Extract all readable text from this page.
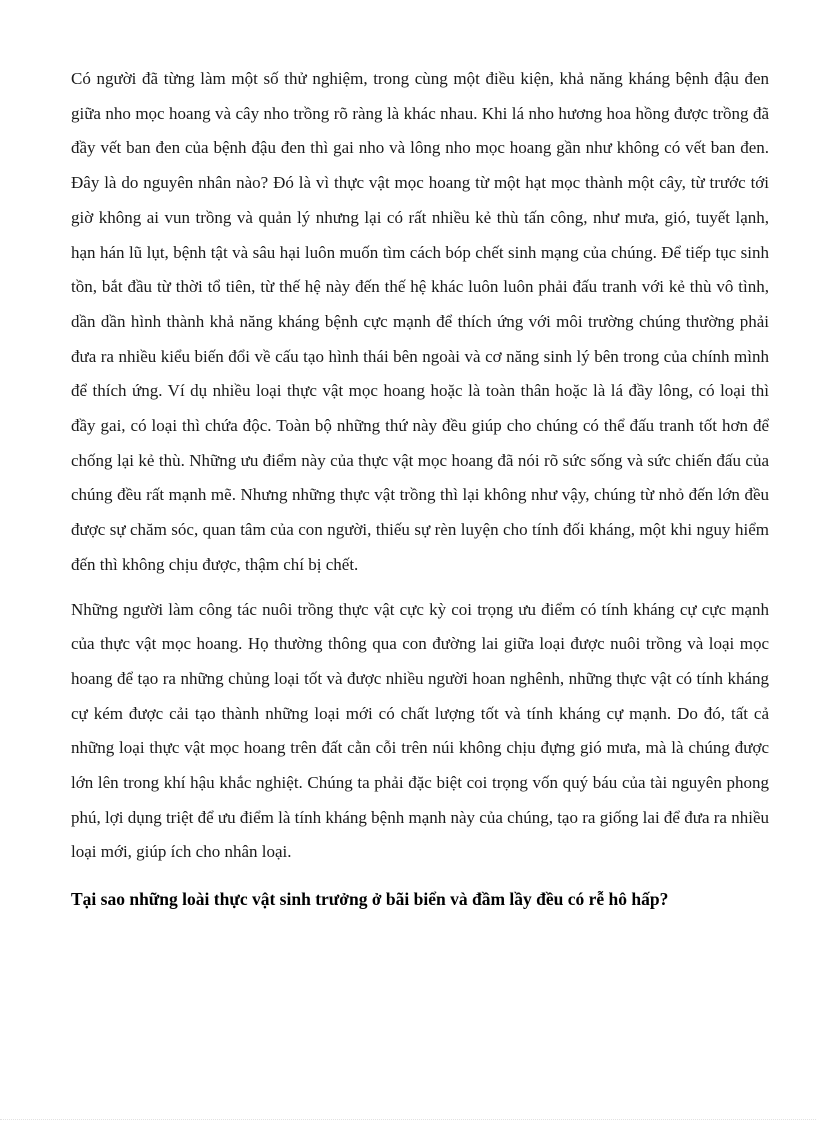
Có người đã từng làm một số thử nghiệm, trong cùng một điều kiện, khả năng kháng bệnh đậu đen giữa nho mọc hoang và cây nho trồng rõ ràng là khác nhau. Khi lá nho hương hoa hồng được trồng đã đầy vết ban đen của bệnh đậu đen thì gai nho và lông nho mọc hoang gần như không có vết ban đen. Đây là do nguyên nhân nào? Đó là vì thực vật mọc hoang từ một hạt mọc thành một cây, từ trước tới giờ không ai vun trồng và quản lý nhưng lại có rất nhiều kẻ thù tấn công, như mưa, gió, tuyết lạnh, hạn hán lũ lụt, bệnh tật và sâu hại luôn muốn tìm cách bóp chết sinh mạng của chúng. Để tiếp tục sinh tồn, bắt đầu từ thời tổ tiên, từ thế hệ này đến thế hệ khác luôn luôn phải đấu tranh với kẻ thù vô tình, dần dần hình thành khả năng kháng bệnh cực mạnh để thích ứng với môi trường chúng thường phải đưa ra nhiều kiểu biến đổi về cấu tạo hình thái bên ngoài và cơ năng sinh lý bên trong của chính mình để thích ứng. Ví dụ nhiều loại thực vật mọc hoang hoặc là toàn thân hoặc là lá đầy lông, có loại thì đầy gai, có loại thì chứa độc. Toàn bộ những thứ này đều giúp cho chúng có thể đấu tranh tốt hơn để chống lại kẻ thù. Những ưu điểm này của thực vật mọc hoang đã nói rõ sức sống và sức chiến đấu của chúng đều rất mạnh mẽ. Nhưng những thực vật trồng thì lại không như vậy, chúng từ nhỏ đến lớn đều được sự chăm sóc, quan tâm của con người, thiếu sự rèn luyện cho tính đối kháng, một khi nguy hiểm đến thì không chịu được, thậm chí bị chết.

Những người làm công tác nuôi trồng thực vật cực kỳ coi trọng ưu điểm có tính kháng cự cực mạnh của thực vật mọc hoang. Họ thường thông qua con đường lai giữa loại được nuôi trồng và loại mọc hoang để tạo ra những chủng loại tốt và được nhiều người hoan nghênh, những thực vật có tính kháng cự kém được cải tạo thành những loại mới có chất lượng tốt và tính kháng cự mạnh. Do đó, tất cả những loại thực vật mọc hoang trên đất cằn cỗi trên núi không chịu đựng gió mưa, mà là chúng được lớn lên trong khí hậu khắc nghiệt. Chúng ta phải đặc biệt coi trọng vốn quý báu của tài nguyên phong phú, lợi dụng triệt để ưu điểm là tính kháng bệnh mạnh này của chúng, tạo ra giống lai để đưa ra nhiều loại mới, giúp ích cho nhân loại.

Tại sao những loài thực vật sinh trưởng ở bãi biển và đầm lầy đều có rễ hô hấp?
